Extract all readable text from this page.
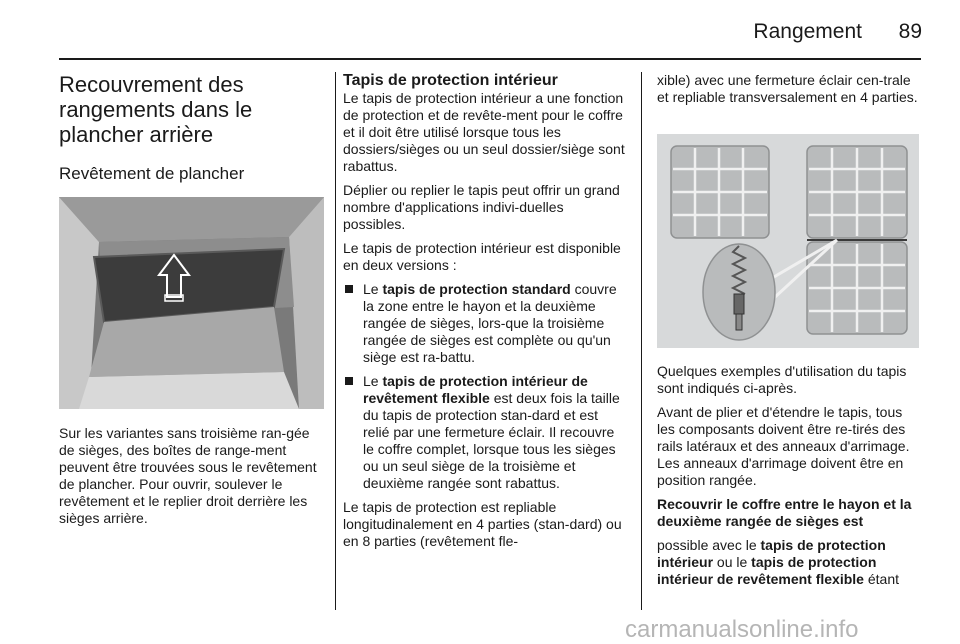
Rangement 89
Recouvrement des rangements dans le plancher arrière
Revêtement de plancher

Sur les variantes sans troisième ran-gée de sièges, des boîtes de range-ment peuvent être trouvées sous le revêtement de plancher. Pour ouvrir, soulever le revêtement et le replier droit derrière les sièges arrière.

Tapis de protection intérieur

Le tapis de protection intérieur a une fonction de protection et de revête-ment pour le coffre et il doit être utilisé lorsque tous les dossiers/sièges ou un seul dossier/siège sont rabattus.

Déplier ou replier le tapis peut offrir un grand nombre d'applications indivi-duelles possibles.

Le tapis de protection intérieur est disponible en deux versions :

Le tapis de protection standard couvre la zone entre le hayon et la deuxième rangée de sièges, lors-que la troisième rangée de sièges est complète ou qu'un siège est ra-battu.
Le tapis de protection intérieur de revêtement flexible est deux fois la taille du tapis de protection stan-dard et est relié par une fermeture éclair. Il recouvre le coffre complet, lorsque tous les sièges ou un seul siège de la troisième et deuxième rangée sont rabattus.

Le tapis de protection est repliable longitudinalement en 4 parties (stan-dard) ou en 8 parties (revêtement fle-

xible) avec une fermeture éclair cen-trale et repliable transversalement en 4 parties.

Quelques exemples d'utilisation du tapis sont indiqués ci-après.

Avant de plier et d'étendre le tapis, tous les composants doivent être re-tirés des rails latéraux et des anneaux d'arrimage. Les anneaux d'arrimage doivent être en position rangée.

Recouvrir le coffre entre le hayon et la deuxième rangée de sièges est

possible avec le tapis de protection intérieur ou le tapis de protection intérieur de revêtement flexible étant

carmanualsonline.info
